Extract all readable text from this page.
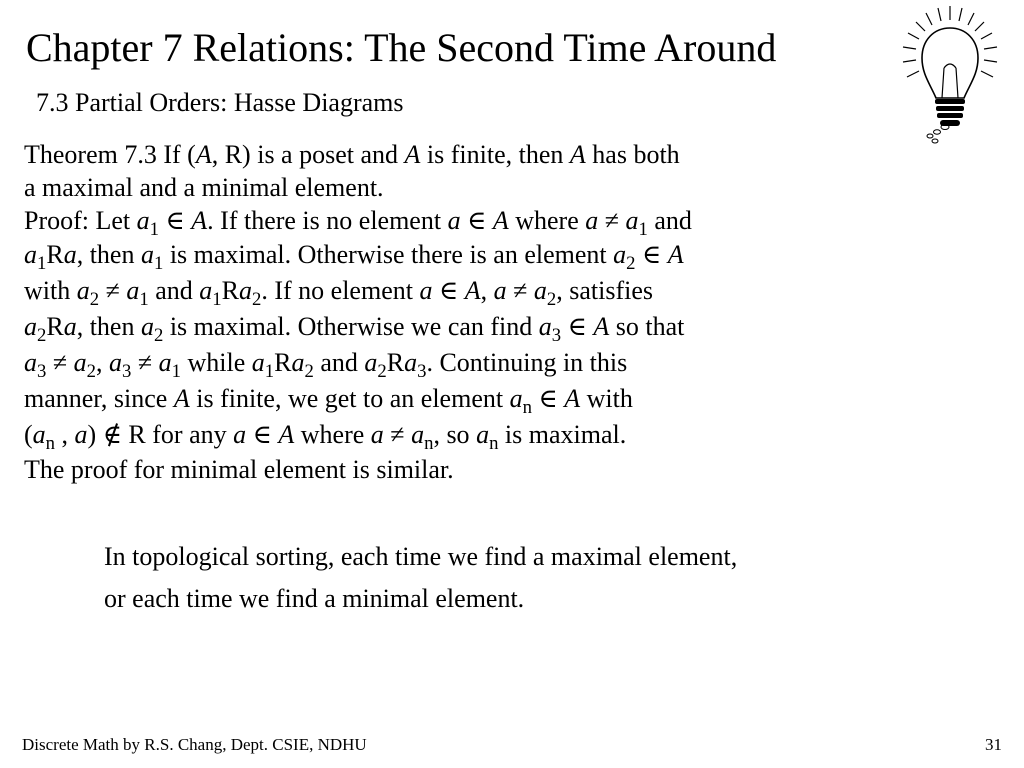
Chapter 7 Relations: The Second Time Around
7.3 Partial Orders: Hasse Diagrams
Theorem 7.3 If (A, R) is a poset and A is finite, then A has both
a maximal and a minimal element.
Proof: Let $a_1$ ∈ A. If there is no element a ∈ A where $a \ne a_1$ and
$a_1Ra$, then $a_1$ is maximal. Otherwise there is an element $a_2$ ∈ A
with $a_2 \ne a_1$ and $a_1Ra_2$. If no element a ∈ A, $a \ne a_2$, satisfies
$a_2Ra$, then $a_2$ is maximal. Otherwise we can find $a_3$ ∈ A so that
$a_3 \ne a_2$, $a_3 \ne a_1$ while $a_1Ra_2$ and $a_2Ra_3$. Continuing in this
manner, since A is finite, we get to an element $a_n$ ∈ A with
($a_n$ , a) ∉ R for any a ∈ A where $a \ne a_n$, so $a_n$ is maximal.
The proof for minimal element is similar.
In topological sorting, each time we find a maximal element,
or each time we find a minimal element.
Discrete Math by R.S. Chang, Dept. CSIE, NDHU	31
